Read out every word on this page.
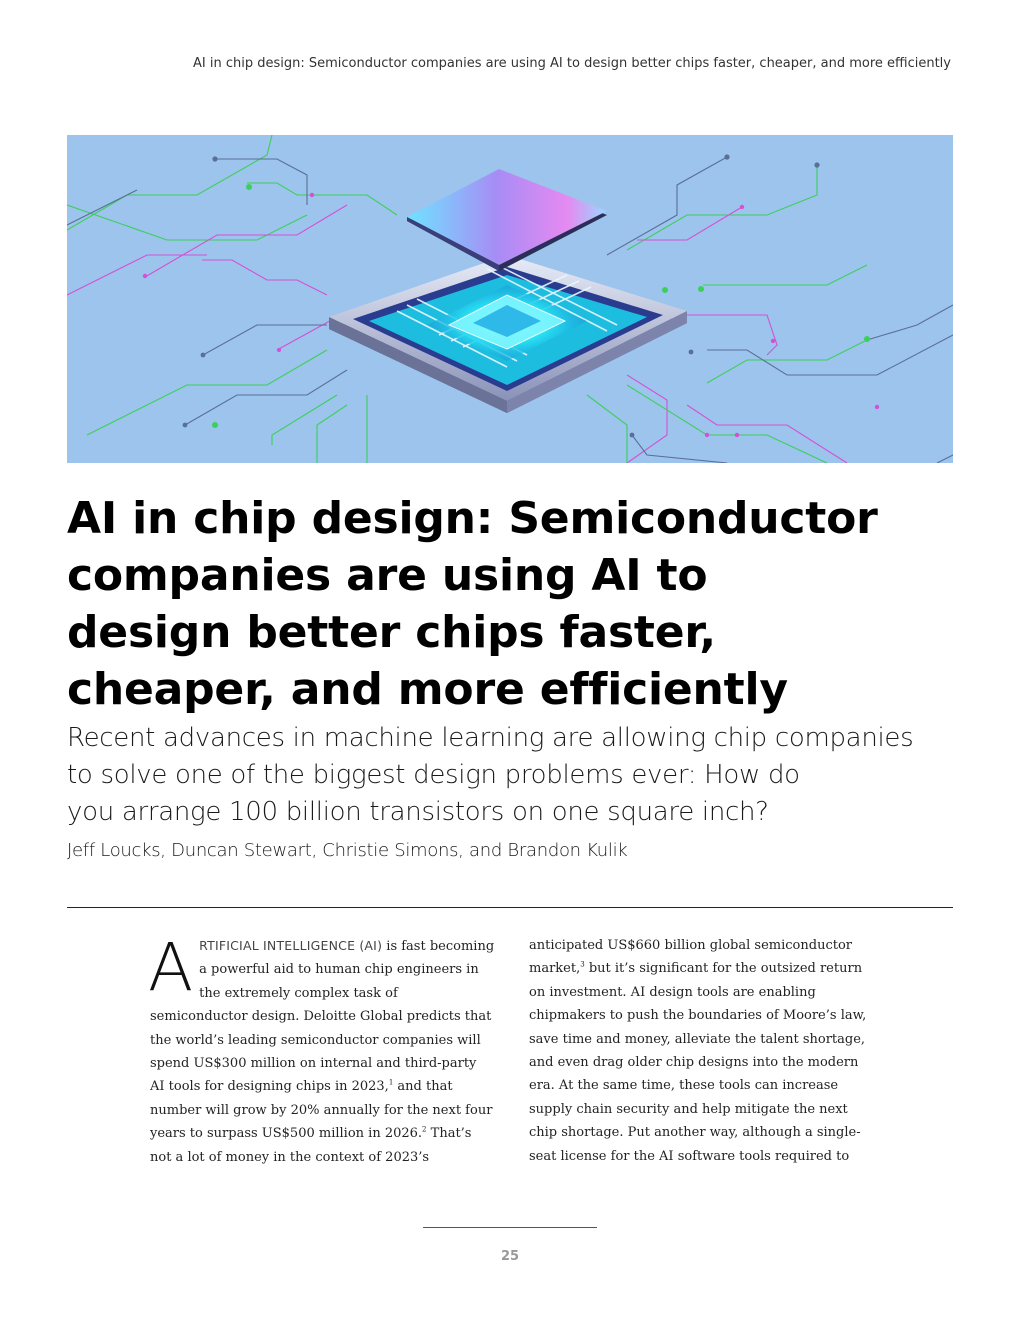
AI in chip design: Semiconductor companies are using AI to design better chips faster, cheaper, and more efficiently
AI in chip design: Semiconductor
companies are using AI to
design better chips faster,
cheaper, and more efficiently

Recent advances in machine learning are allowing chip companies
to solve one of the biggest design problems ever: How do
you arrange 100 billion transistors on one square inch?

Jeff Loucks, Duncan Stewart, Christie Simons, and Brandon Kulik

ARTIFICIAL INTELLIGENCE (AI) is fast becoming a powerful aid to human chip engineers in the extremely complex task of semiconductor design. Deloitte Global predicts that the world’s leading semiconductor companies will spend US$300 million on internal and third-party AI tools for designing chips in 2023,$^1$ and that number will grow by 20% annually for the next four years to surpass US$500 million in 2026.$^2$ That’s not a lot of money in the context of 2023’s

anticipated US$660 billion global semiconductor market,$^3$ but it’s significant for the outsized return on investment. AI design tools are enabling chipmakers to push the boundaries of Moore’s law, save time and money, alleviate the talent shortage, and even drag older chip designs into the modern era. At the same time, these tools can increase supply chain security and help mitigate the next chip shortage. Put another way, although a single-seat license for the AI software tools required to

25
